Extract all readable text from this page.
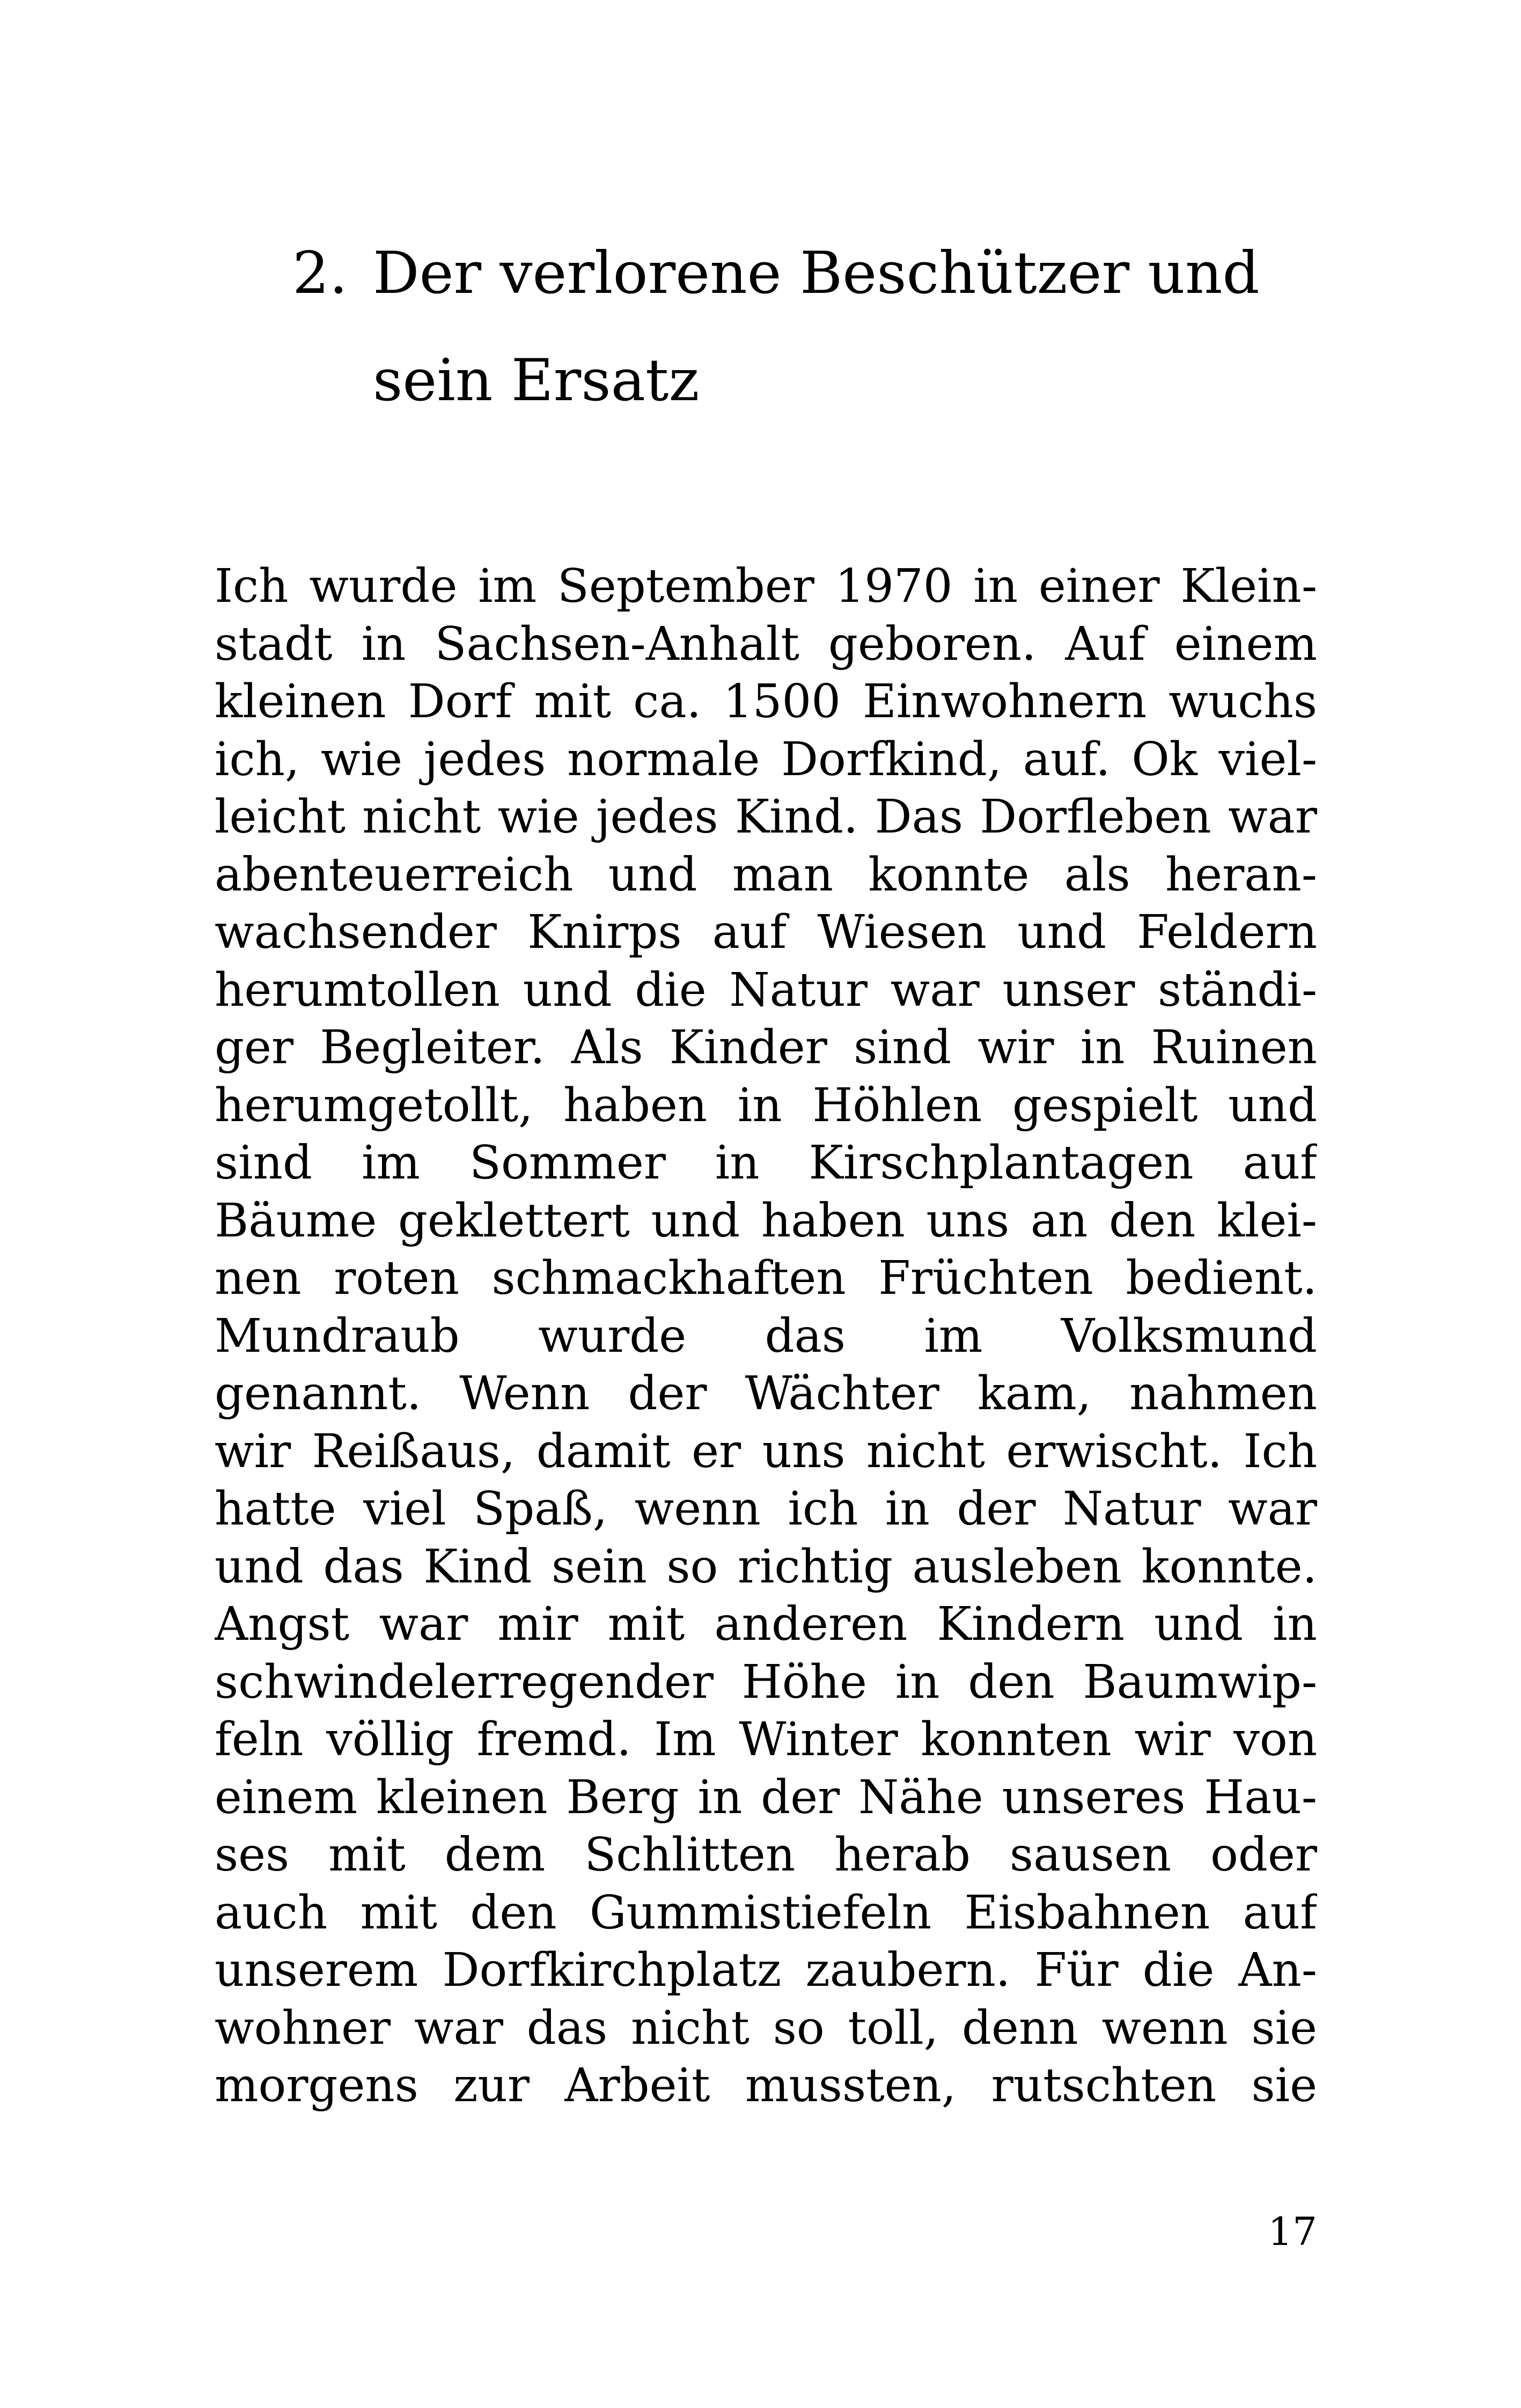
2. Der verlorene Beschützer und
sein Ersatz
Ich wurde im September 1970 in einer Klein-
stadt in Sachsen-Anhalt geboren. Auf einem
kleinen Dorf mit ca. 1500 Einwohnern wuchs
ich, wie jedes normale Dorfkind, auf. Ok viel-
leicht nicht wie jedes Kind. Das Dorfleben war
abenteuerreich und man konnte als heran-
wachsender Knirps auf Wiesen und Feldern
herumtollen und die Natur war unser ständi-
ger Begleiter. Als Kinder sind wir in Ruinen
herumgetollt, haben in Höhlen gespielt und
sind im Sommer in Kirschplantagen auf
Bäume geklettert und haben uns an den klei-
nen roten schmackhaften Früchten bedient.
Mundraub wurde das im Volksmund
genannt. Wenn der Wächter kam, nahmen
wir Reißaus, damit er uns nicht erwischt. Ich
hatte viel Spaß, wenn ich in der Natur war
und das Kind sein so richtig ausleben konnte.
Angst war mir mit anderen Kindern und in
schwindelerregender Höhe in den Baumwip-
feln völlig fremd. Im Winter konnten wir von
einem kleinen Berg in der Nähe unseres Hau-
ses mit dem Schlitten herab sausen oder
auch mit den Gummistiefeln Eisbahnen auf
unserem Dorfkirchplatz zaubern. Für die An-
wohner war das nicht so toll, denn wenn sie
morgens zur Arbeit mussten, rutschten sie
17
